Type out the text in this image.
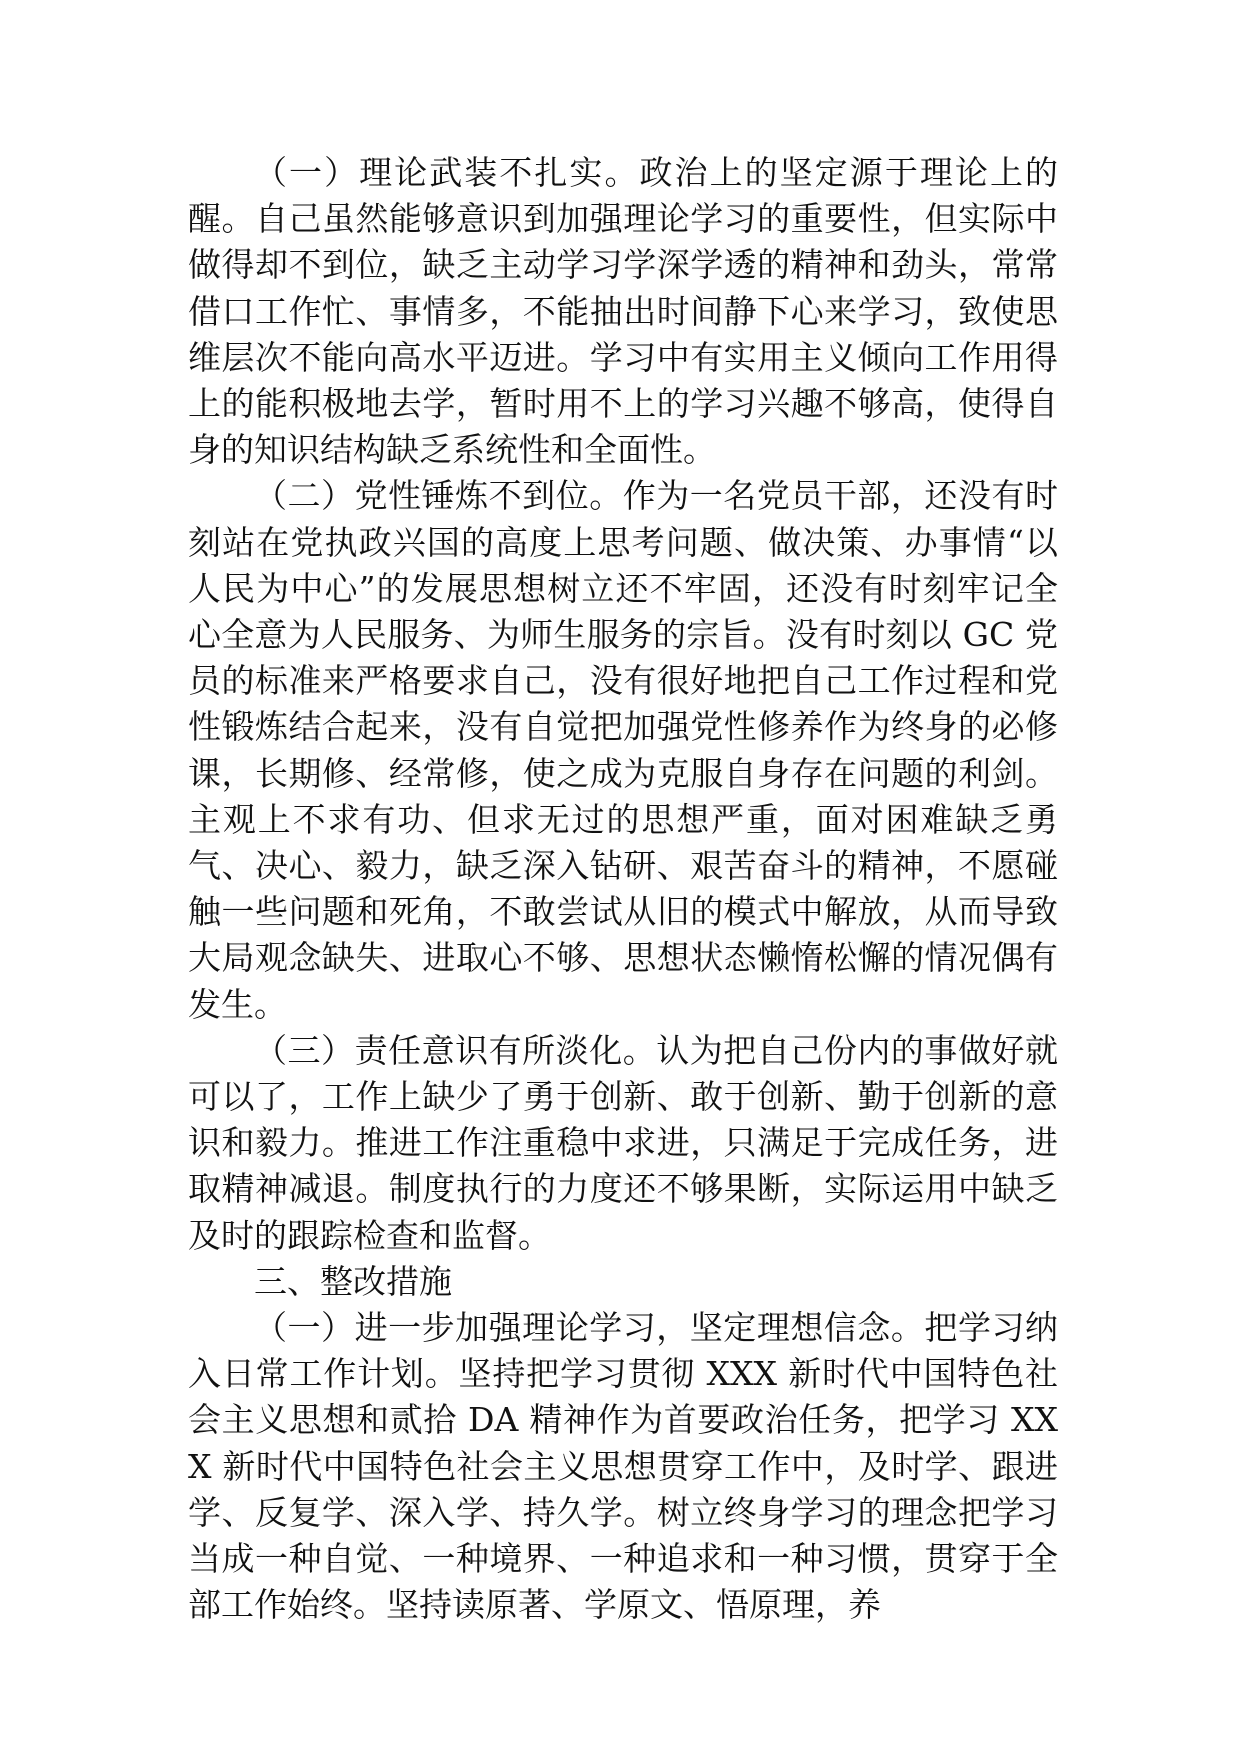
（一）理论武装不扎实。政治上的坚定源于理论上的醒。自己虽然能够意识到加强理论学习的重要性，但实际中做得却不到位，缺乏主动学习学深学透的精神和劲头，常常借口工作忙、事情多，不能抽出时间静下心来学习，致使思维层次不能向高水平迈进。学习中有实用主义倾向工作用得上的能积极地去学，暂时用不上的学习兴趣不够高，使得自身的知识结构缺乏系统性和全面性。

（二）党性锤炼不到位。作为一名党员干部，还没有时刻站在党执政兴国的高度上思考问题、做决策、办事情“以人民为中心”的发展思想树立还不牢固，还没有时刻牢记全心全意为人民服务、为师生服务的宗旨。没有时刻以 GC 党员的标准来严格要求自己，没有很好地把自己工作过程和党性锻炼结合起来，没有自觉把加强党性修养作为终身的必修课，长期修、经常修，使之成为克服自身存在问题的利剑。主观上不求有功、但求无过的思想严重，面对困难缺乏勇气、决心、毅力，缺乏深入钻研、艰苦奋斗的精神，不愿碰触一些问题和死角，不敢尝试从旧的模式中解放，从而导致大局观念缺失、进取心不够、思想状态懒惰松懈的情况偶有发生。

（三）责任意识有所淡化。认为把自己份内的事做好就可以了，工作上缺少了勇于创新、敢于创新、勤于创新的意识和毅力。推进工作注重稳中求进，只满足于完成任务，进取精神减退。制度执行的力度还不够果断，实际运用中缺乏及时的跟踪检查和监督。

三、整改措施

（一）进一步加强理论学习，坚定理想信念。把学习纳入日常工作计划。坚持把学习贯彻 XXX 新时代中国特色社会主义思想和贰拾 DA 精神作为首要政治任务，把学习 XXX 新时代中国特色社会主义思想贯穿工作中，及时学、跟进学、反复学、深入学、持久学。树立终身学习的理念把学习当成一种自觉、一种境界、一种追求和一种习惯，贯穿于全部工作始终。坚持读原著、学原文、悟原理，养
